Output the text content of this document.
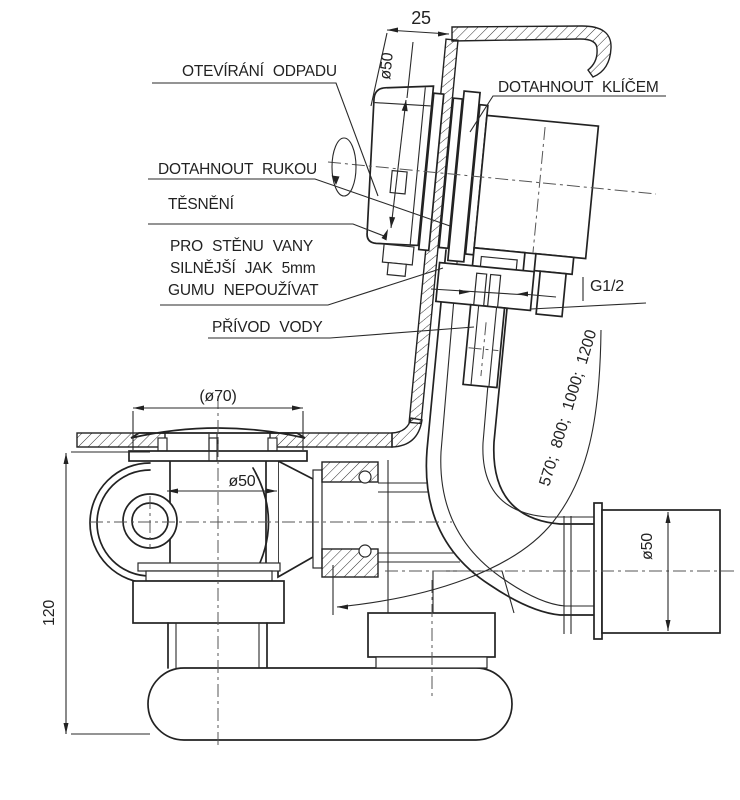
OTEVÍRÁNÍ ODPADU
DOTAHNOUT KLÍČEM
DOTAHNOUT RUKOU
TĚSNĚNÍ
PRO STĚNU VANY
SILNĚJŠÍ JAK 5mm
GUMU NEPOUŽÍVAT
PŘÍVOD VODY
25
ø50
G1/2
570; 800; 1000; 1200
(ø70)
ø50
120
ø50
